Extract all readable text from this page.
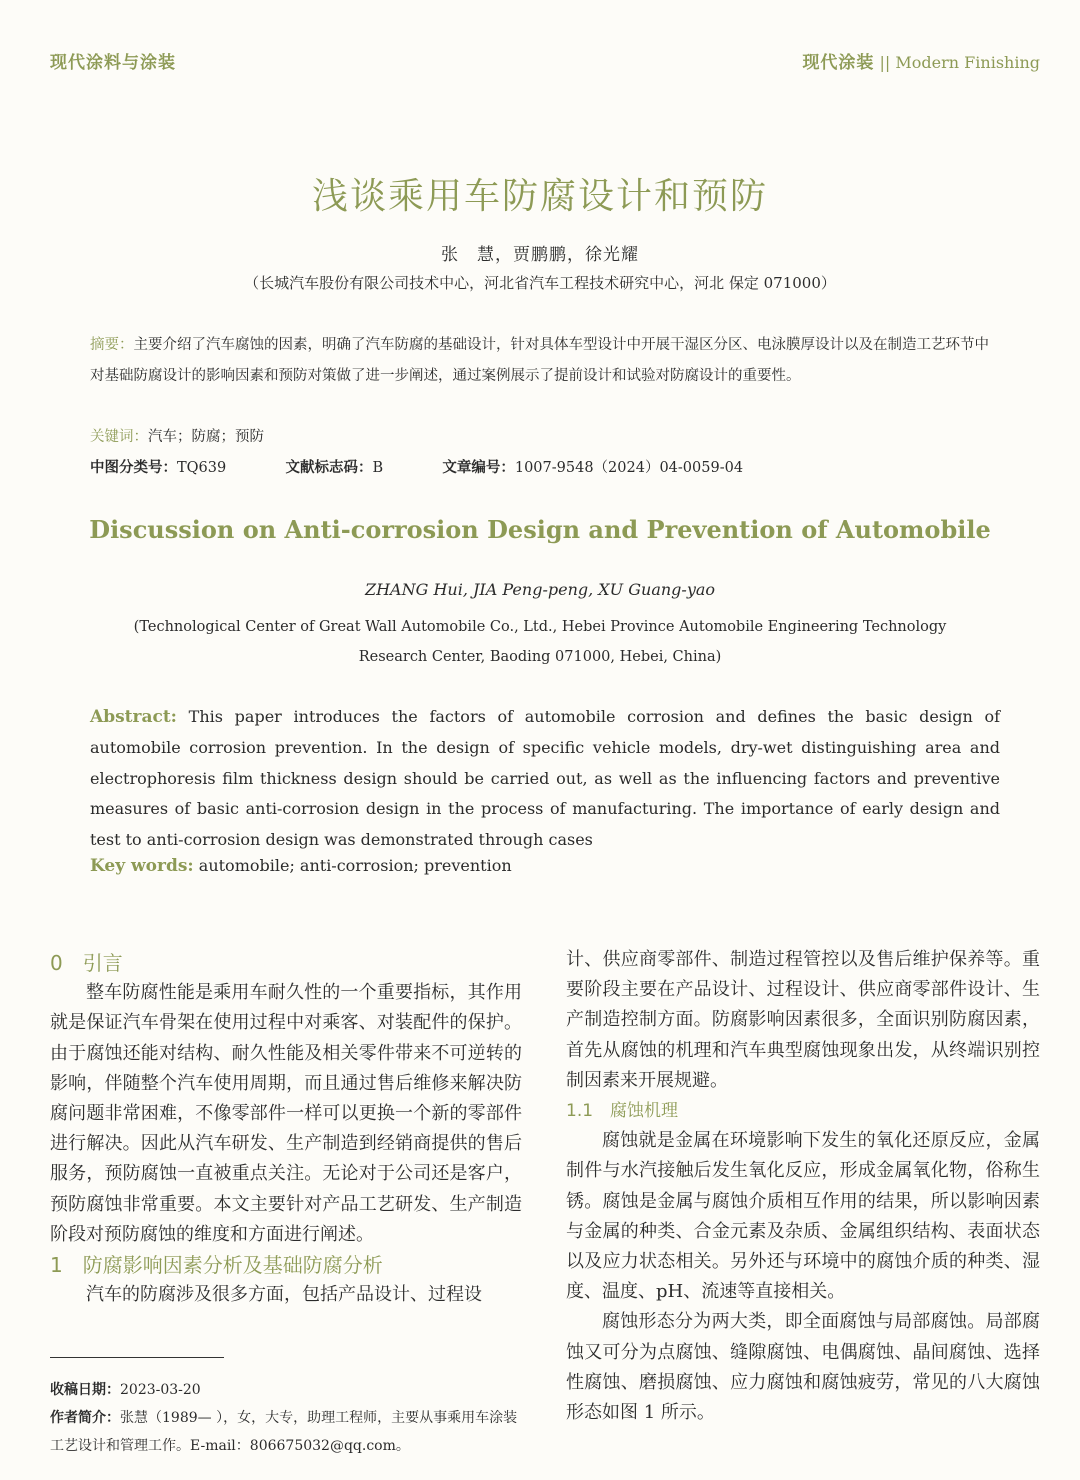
现代涂料与涂装	现代涂装 || Modern Finishing
浅谈乘用车防腐设计和预防
张　慧，贾鹏鹏，徐光耀
（长城汽车股份有限公司技术中心，河北省汽车工程技术研究中心，河北 保定 071000）
摘要：主要介绍了汽车腐蚀的因素，明确了汽车防腐的基础设计，针对具体车型设计中开展干湿区分区、电泳膜厚设计以及在制造工艺环节中对基础防腐设计的影响因素和预防对策做了进一步阐述，通过案例展示了提前设计和试验对防腐设计的重要性。
关键词：汽车；防腐；预防
中图分类号：TQ639	文献标志码：B	文章编号：1007-9548（2024）04-0059-04
Discussion on Anti-corrosion Design and Prevention of Automobile
ZHANG Hui, JIA Peng-peng, XU Guang-yao
(Technological Center of Great Wall Automobile Co., Ltd., Hebei Province Automobile Engineering Technology Research Center, Baoding 071000, Hebei, China)
Abstract: This paper introduces the factors of automobile corrosion and defines the basic design of automobile corrosion prevention. In the design of specific vehicle models, dry-wet distinguishing area and electrophoresis film thickness design should be carried out, as well as the influencing factors and preventive measures of basic anti-corrosion design in the process of manufacturing. The importance of early design and test to anti-corrosion design was demonstrated through cases
Key words: automobile; anti-corrosion; prevention
0　引言

整车防腐性能是乘用车耐久性的一个重要指标，其作用就是保证汽车骨架在使用过程中对乘客、对装配件的保护。由于腐蚀还能对结构、耐久性能及相关零件带来不可逆转的影响，伴随整个汽车使用周期，而且通过售后维修来解决防腐问题非常困难，不像零部件一样可以更换一个新的零部件进行解决。因此从汽车研发、生产制造到经销商提供的售后服务，预防腐蚀一直被重点关注。无论对于公司还是客户，预防腐蚀非常重要。本文主要针对产品工艺研发、生产制造阶段对预防腐蚀的维度和方面进行阐述。

1　防腐影响因素分析及基础防腐分析

汽车的防腐涉及很多方面，包括产品设计、过程设

计、供应商零部件、制造过程管控以及售后维护保养等。重要阶段主要在产品设计、过程设计、供应商零部件设计、生产制造控制方面。防腐影响因素很多，全面识别防腐因素，首先从腐蚀的机理和汽车典型腐蚀现象出发，从终端识别控制因素来开展规避。

1.1　腐蚀机理

腐蚀就是金属在环境影响下发生的氧化还原反应，金属制件与水汽接触后发生氧化反应，形成金属氧化物，俗称生锈。腐蚀是金属与腐蚀介质相互作用的结果，所以影响因素与金属的种类、合金元素及杂质、金属组织结构、表面状态以及应力状态相关。另外还与环境中的腐蚀介质的种类、湿度、温度、pH、流速等直接相关。

腐蚀形态分为两大类，即全面腐蚀与局部腐蚀。局部腐蚀又可分为点腐蚀、缝隙腐蚀、电偶腐蚀、晶间腐蚀、选择性腐蚀、磨损腐蚀、应力腐蚀和腐蚀疲劳，常见的八大腐蚀形态如图 1 所示。

收稿日期：2023-03-20
作者简介：张慧（1989— ），女，大专，助理工程师，主要从事乘用车涂装工艺设计和管理工作。E-mail：806675032@qq.com。
